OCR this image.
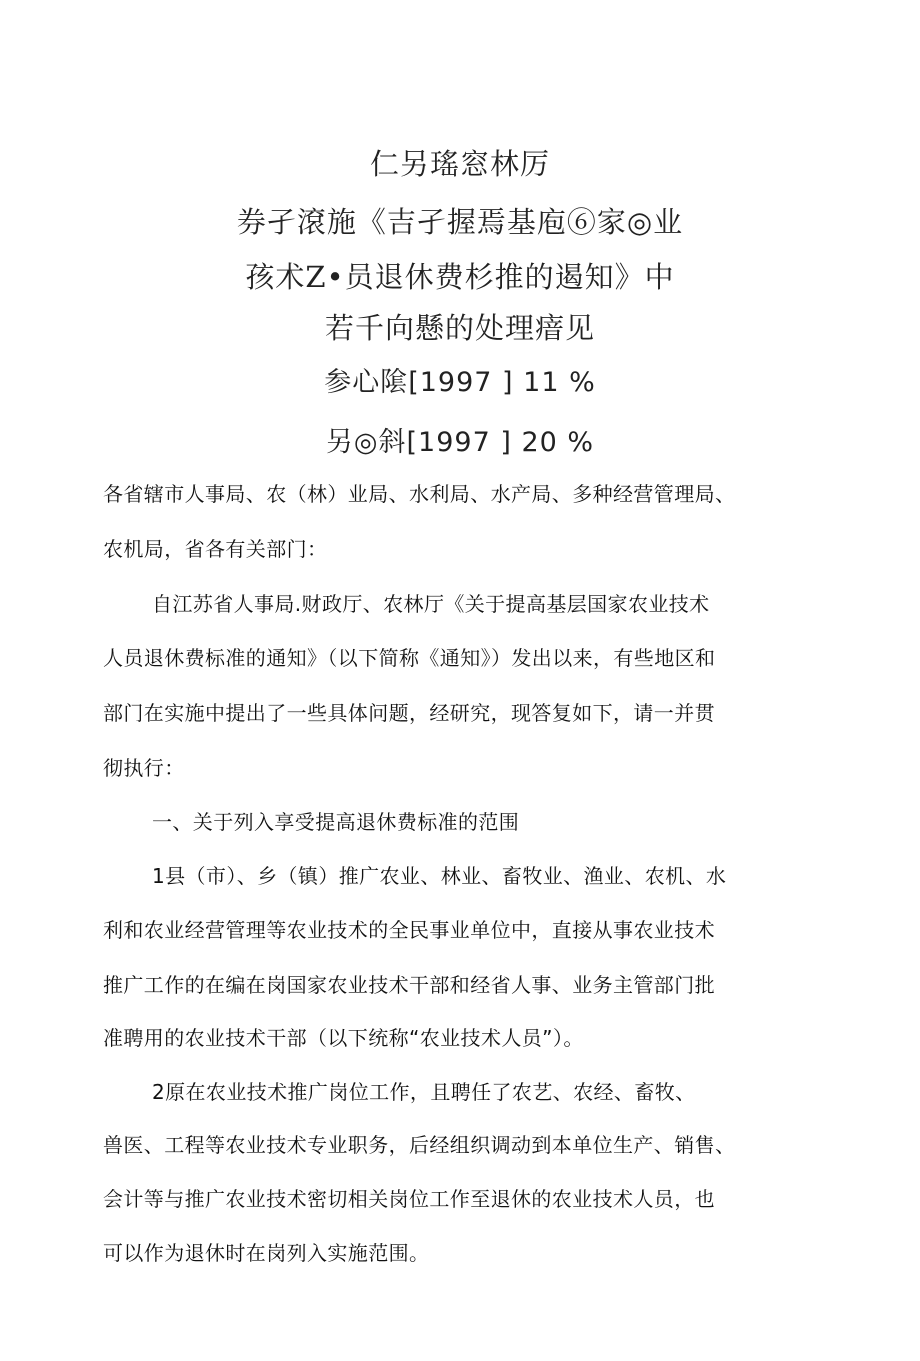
仁另瑤窓林厉
券孑滾施《吉孑握焉基庖⑥家◎业
孩术Z•员退休费杉推的遏知》中
若千向懸的处理瘖见
参心隂[1997 ] 11 %
另◎斜[1997 ] 20 %
各省辖市人事局、农（林）业局、水利局、水产局、多种经营管理局、
农机局，省各有关部门：
自江苏省人事局.财政厅、农林厅《关于提高基层国家农业技术
人员退休费标准的通知》（以下简称《通知》）发出以来，有些地区和
部门在实施中提出了一些具体问题，经研究，现答复如下，请一并贯
彻执行：
一、关于列入享受提高退休费标准的范围
1县（市）、乡（镇）推广农业、林业、畜牧业、渔业、农机、水
利和农业经营管理等农业技术的全民事业单位中，直接从事农业技术
推广工作的在编在岗国家农业技术干部和经省人事、业务主管部门批
准聘用的农业技术干部（以下统称“农业技术人员”）。
2原在农业技术推广岗位工作，且聘任了农艺、农经、畜牧、
兽医、工程等农业技术专业职务，后经组织调动到本单位生产、销售、
会计等与推广农业技术密切相关岗位工作至退休的农业技术人员，也
可以作为退休时在岗列入实施范围。
